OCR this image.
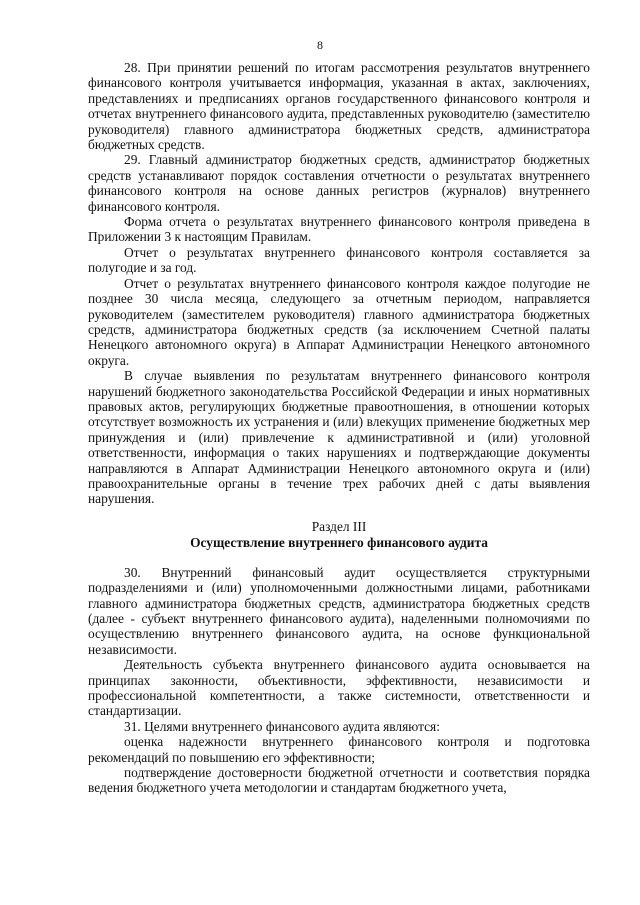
8

28. При принятии решений по итогам рассмотрения результатов внутреннего финансового контроля учитывается информация, указанная в актах, заключениях, представлениях и предписаниях органов государственного финансового контроля и отчетах внутреннего финансового аудита, представленных руководителю (заместителю руководителя) главного администратора бюджетных средств, администратора бюджетных средств.

29. Главный администратор бюджетных средств, администратор бюджетных средств устанавливают порядок составления отчетности о результатах внутреннего финансового контроля на основе данных регистров (журналов) внутреннего финансового контроля.

Форма отчета о результатах внутреннего финансового контроля приведена в Приложении 3 к настоящим Правилам.

Отчет о результатах внутреннего финансового контроля составляется за полугодие и за год.

Отчет о результатах внутреннего финансового контроля каждое полугодие не позднее 30 числа месяца, следующего за отчетным периодом, направляется руководителем (заместителем руководителя) главного администратора бюджетных средств, администратора бюджетных средств (за исключением Счетной палаты Ненецкого автономного округа) в Аппарат Администрации Ненецкого автономного округа.

В случае выявления по результатам внутреннего финансового контроля нарушений бюджетного законодательства Российской Федерации и иных нормативных правовых актов, регулирующих бюджетные правоотношения, в отношении которых отсутствует возможность их устранения и (или) влекущих применение бюджетных мер принуждения и (или) привлечение к административной и (или) уголовной ответственности, информация о таких нарушениях и подтверждающие документы направляются в Аппарат Администрации Ненецкого автономного округа и (или) правоохранительные органы в течение трех рабочих дней с даты выявления нарушения.

Раздел III
Осуществление внутреннего финансового аудита

30. Внутренний финансовый аудит осуществляется структурными подразделениями и (или) уполномоченными должностными лицами, работниками главного администратора бюджетных средств, администратора бюджетных средств (далее - субъект внутреннего финансового аудита), наделенными полномочиями по осуществлению внутреннего финансового аудита, на основе функциональной независимости.

Деятельность субъекта внутреннего финансового аудита основывается на принципах законности, объективности, эффективности, независимости и профессиональной компетентности, а также системности, ответственности и стандартизации.

31. Целями внутреннего финансового аудита являются:

оценка надежности внутреннего финансового контроля и подготовка рекомендаций по повышению его эффективности;

подтверждение достоверности бюджетной отчетности и соответствия порядка ведения бюджетного учета методологии и стандартам бюджетного учета,
